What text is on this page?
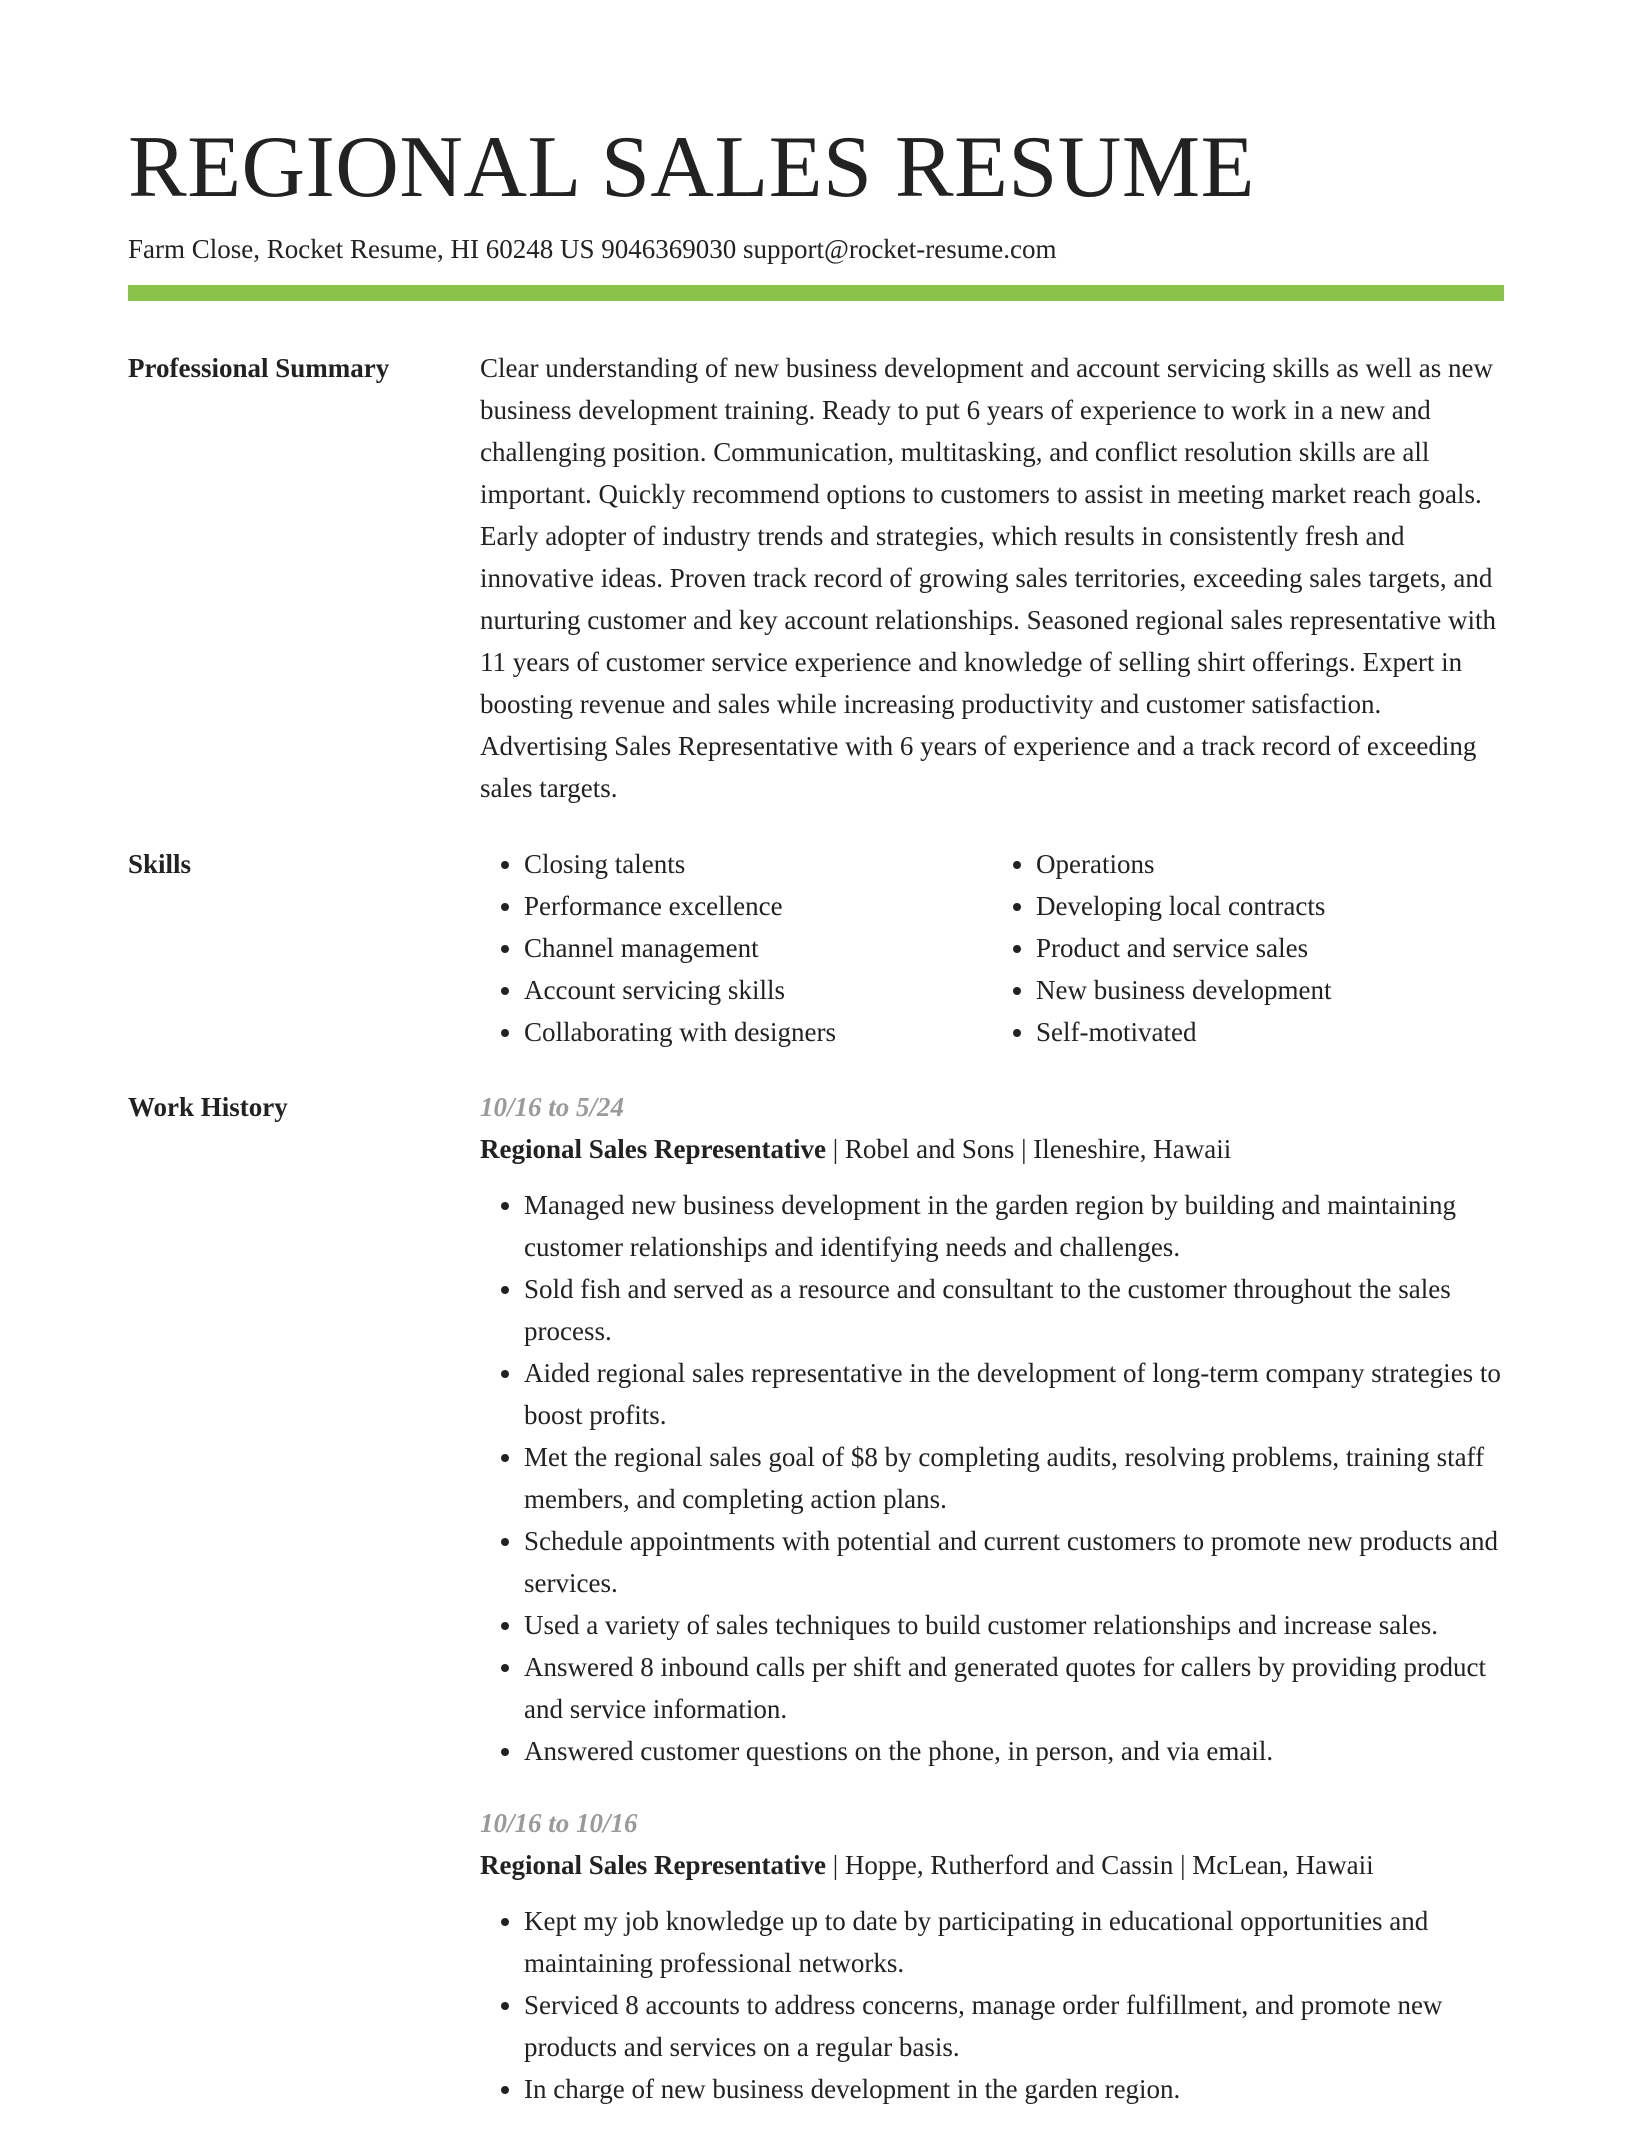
REGIONAL SALES RESUME
Farm Close, Rocket Resume, HI 60248 US 9046369030 support@rocket-resume.com
Professional Summary	Clear understanding of new business development and account servicing skills as well as new business development training. Ready to put 6 years of experience to work in a new and challenging position. Communication, multitasking, and conflict resolution skills are all important. Quickly recommend options to customers to assist in meeting market reach goals. Early adopter of industry trends and strategies, which results in consistently fresh and innovative ideas. Proven track record of growing sales territories, exceeding sales targets, and nurturing customer and key account relationships. Seasoned regional sales representative with 11 years of customer service experience and knowledge of selling shirt offerings. Expert in boosting revenue and sales while increasing productivity and customer satisfaction. Advertising Sales Representative with 6 years of experience and a track record of exceeding sales targets.

Skills
•	Closing talents
• Performance excellence
• Channel management
• Account servicing skills
• Collaborating with designers
• Operations
• Developing local contracts
• Product and service sales
• New business development
• Self-motivated
Work History	10/16 to 5/24
Regional Sales Representative | Robel and Sons | Ileneshire, Hawaii
• Managed new business development in the garden region by building and maintaining customer relationships and identifying needs and challenges.
• Sold fish and served as a resource and consultant to the customer throughout the sales process.
• Aided regional sales representative in the development of long-term company strategies to boost profits.
• Met the regional sales goal of $8 by completing audits, resolving problems, training staff members, and completing action plans.
• Schedule appointments with potential and current customers to promote new products and services.
• Used a variety of sales techniques to build customer relationships and increase sales.
• Answered 8 inbound calls per shift and generated quotes for callers by providing product and service information.
• Answered customer questions on the phone, in person, and via email.
10/16 to 10/16
Regional Sales Representative | Hoppe, Rutherford and Cassin | McLean, Hawaii
• Kept my job knowledge up to date by participating in educational opportunities and maintaining professional networks.
• Serviced 8 accounts to address concerns, manage order fulfillment, and promote new products and services on a regular basis.
• In charge of new business development in the garden region.
